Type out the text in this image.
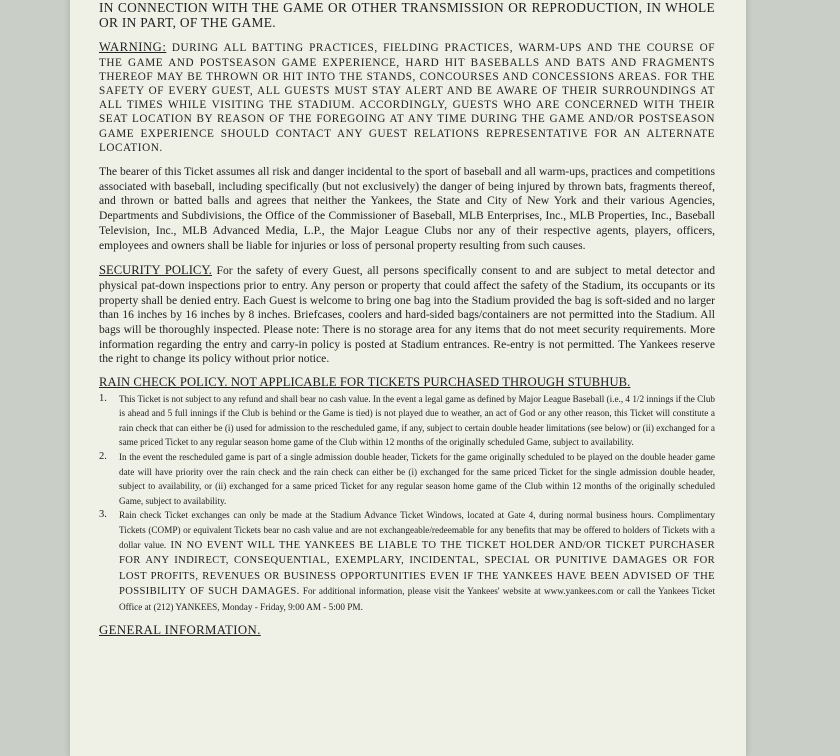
IN CONNECTION WITH THE GAME OR OTHER TRANSMISSION OR REPRODUCTION, IN WHOLE OR IN PART, OF THE GAME.

WARNING: DURING ALL BATTING PRACTICES, FIELDING PRACTICES, WARM-UPS AND THE COURSE OF THE GAME AND POSTSEASON GAME EXPERIENCE, HARD HIT BASEBALLS AND BATS AND FRAGMENTS THEREOF MAY BE THROWN OR HIT INTO THE STANDS, CONCOURSES AND CONCESSIONS AREAS. FOR THE SAFETY OF EVERY GUEST, ALL GUESTS MUST STAY ALERT AND BE AWARE OF THEIR SURROUNDINGS AT ALL TIMES WHILE VISITING THE STADIUM. ACCORDINGLY, GUESTS WHO ARE CONCERNED WITH THEIR SEAT LOCATION BY REASON OF THE FOREGOING AT ANY TIME DURING THE GAME AND/OR POSTSEASON GAME EXPERIENCE SHOULD CONTACT ANY GUEST RELATIONS REPRESENTATIVE FOR AN ALTERNATE LOCATION.

The bearer of this Ticket assumes all risk and danger incidental to the sport of baseball and all warm-ups, practices and competitions associated with baseball, including specifically (but not exclusively) the danger of being injured by thrown bats, fragments thereof, and thrown or batted balls and agrees that neither the Yankees, the State and City of New York and their various Agencies, Departments and Subdivisions, the Office of the Commissioner of Baseball, MLB Enterprises, Inc., MLB Properties, Inc., Baseball Television, Inc., MLB Advanced Media, L.P., the Major League Clubs nor any of their respective agents, players, officers, employees and owners shall be liable for injuries or loss of personal property resulting from such causes.

SECURITY POLICY. For the safety of every Guest, all persons specifically consent to and are subject to metal detector and physical pat-down inspections prior to entry. Any person or property that could affect the safety of the Stadium, its occupants or its property shall be denied entry. Each Guest is welcome to bring one bag into the Stadium provided the bag is soft-sided and no larger than 16 inches by 16 inches by 8 inches. Briefcases, coolers and hard-sided bags/containers are not permitted into the Stadium. All bags will be thoroughly inspected. Please note: There is no storage area for any items that do not meet security requirements. More information regarding the entry and carry-in policy is posted at Stadium entrances. Re-entry is not permitted. The Yankees reserve the right to change its policy without prior notice.

RAIN CHECK POLICY. NOT APPLICABLE FOR TICKETS PURCHASED THROUGH STUBHUB.
1. This Ticket is not subject to any refund and shall bear no cash value. In the event a legal game as defined by Major League Baseball (i.e., 4 1/2 innings if the Club is ahead and 5 full innings if the Club is behind or the Game is tied) is not played due to weather, an act of God or any other reason, this Ticket will constitute a rain check that can either be (i) used for admission to the rescheduled game, if any, subject to certain double header limitations (see below) or (ii) exchanged for a same priced Ticket to any regular season home game of the Club within 12 months of the originally scheduled Game, subject to availability.
2. In the event the rescheduled game is part of a single admission double header, Tickets for the game originally scheduled to be played on the double header game date will have priority over the rain check and the rain check can either be (i) exchanged for the same priced Ticket for the single admission double header, subject to availability, or (ii) exchanged for a same priced Ticket for any regular season home game of the Club within 12 months of the originally scheduled Game, subject to availability.
3. Rain check Ticket exchanges can only be made at the Stadium Advance Ticket Windows, located at Gate 4, during normal business hours. Complimentary Tickets (COMP) or equivalent Tickets bear no cash value and are not exchangeable/redeemable for any benefits that may be offered to holders of Tickets with a dollar value. IN NO EVENT WILL THE YANKEES BE LIABLE TO THE TICKET HOLDER AND/OR TICKET PURCHASER FOR ANY INDIRECT, CONSEQUENTIAL, EXEMPLARY, INCIDENTAL, SPECIAL OR PUNITIVE DAMAGES OR FOR LOST PROFITS, REVENUES OR BUSINESS OPPORTUNITIES EVEN IF THE YANKEES HAVE BEEN ADVISED OF THE POSSIBILITY OF SUCH DAMAGES. For additional information, please visit the Yankees' website at www.yankees.com or call the Yankees Ticket Office at (212) YANKEES, Monday - Friday, 9:00 AM - 5:00 PM.

GENERAL INFORMATION.
